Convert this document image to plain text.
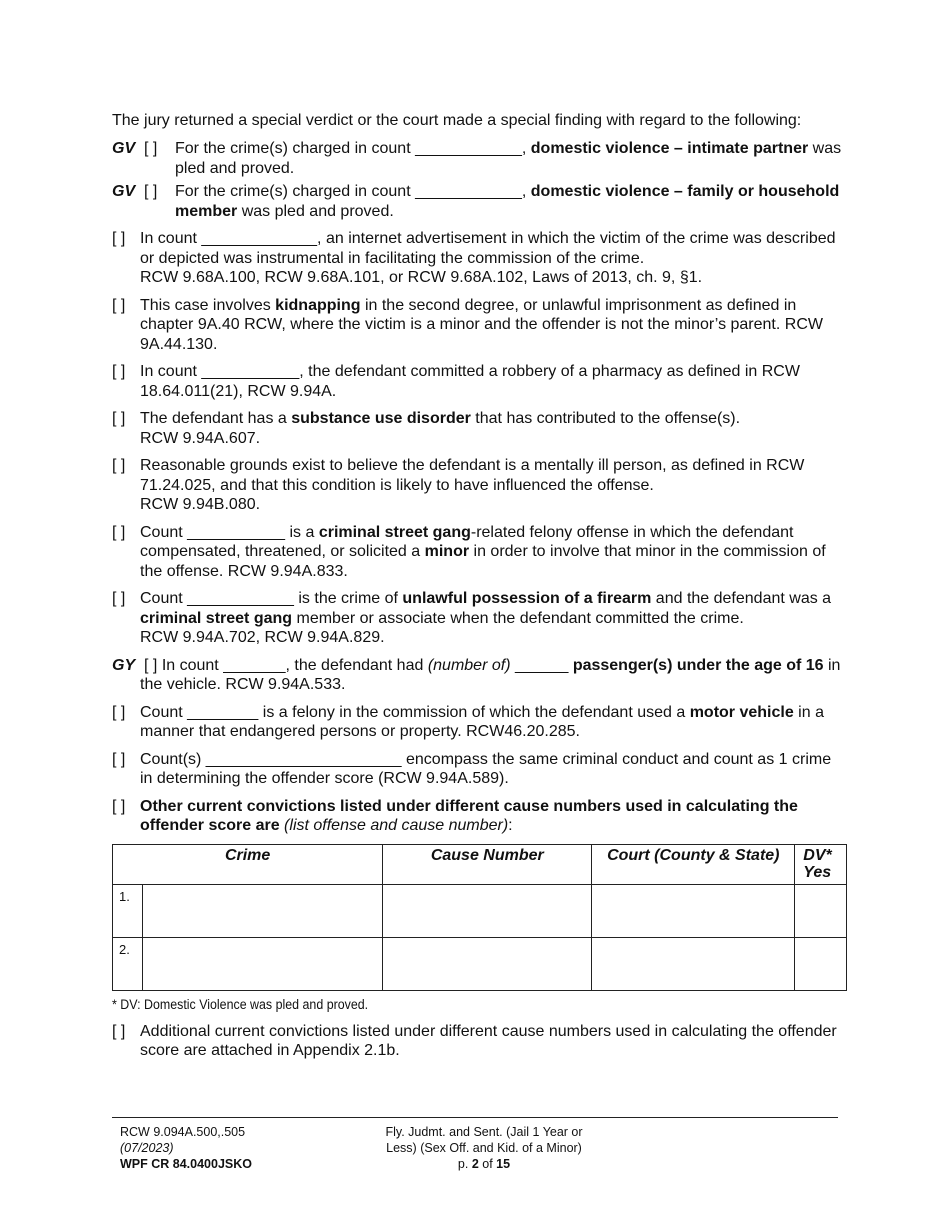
The jury returned a special verdict or the court made a special finding with regard to the following:

GV [ ] For the crime(s) charged in count ____________, domestic violence – intimate partner was pled and proved.
GV [ ] For the crime(s) charged in count ____________, domestic violence – family or household member was pled and proved.
[ ] In count _____________, an internet advertisement in which the victim of the crime was described or depicted was instrumental in facilitating the commission of the crime.
RCW 9.68A.100, RCW 9.68A.101, or RCW 9.68A.102, Laws of 2013, ch. 9, §1.
[ ] This case involves kidnapping in the second degree, or unlawful imprisonment as defined in chapter 9A.40 RCW, where the victim is a minor and the offender is not the minor’s parent. RCW 9A.44.130.
[ ] In count ___________, the defendant committed a robbery of a pharmacy as defined in RCW 18.64.011(21), RCW 9.94A.
[ ] The defendant has a substance use disorder that has contributed to the offense(s).
RCW 9.94A.607.
[ ] Reasonable grounds exist to believe the defendant is a mentally ill person, as defined in RCW 71.24.025, and that this condition is likely to have influenced the offense.
RCW 9.94B.080.
[ ] Count ___________ is a criminal street gang-related felony offense in which the defendant compensated, threatened, or solicited a minor in order to involve that minor in the commission of the offense. RCW 9.94A.833.
[ ] Count ____________ is the crime of unlawful possession of a firearm and the defendant was a criminal street gang member or associate when the defendant committed the crime.
RCW 9.94A.702, RCW 9.94A.829.
GY [ ] In count _______, the defendant had (number of) ______ passenger(s) under the age of 16 in the vehicle. RCW 9.94A.533.
[ ] Count ________ is a felony in the commission of which the defendant used a motor vehicle in a manner that endangered persons or property. RCW46.20.285.
[ ] Count(s) ______________________ encompass the same criminal conduct and count as 1 crime in determining the offender score (RCW 9.94A.589).
[ ] Other current convictions listed under different cause numbers used in calculating the offender score are (list offense and cause number):
Crime		Cause Number	Court (County & State)	DV* Yes
1.				
2.				
* DV: Domestic Violence was pled and proved.
[ ] Additional current convictions listed under different cause numbers used in calculating the offender score are attached in Appendix 2.1b.
RCW 9.094A.500,.505
(07/2023)
WPF CR 84.0400JSKO
Fly. Judmt. and Sent. (Jail 1 Year or
Less) (Sex Off. and Kid. of a Minor)
p. 2 of 15
